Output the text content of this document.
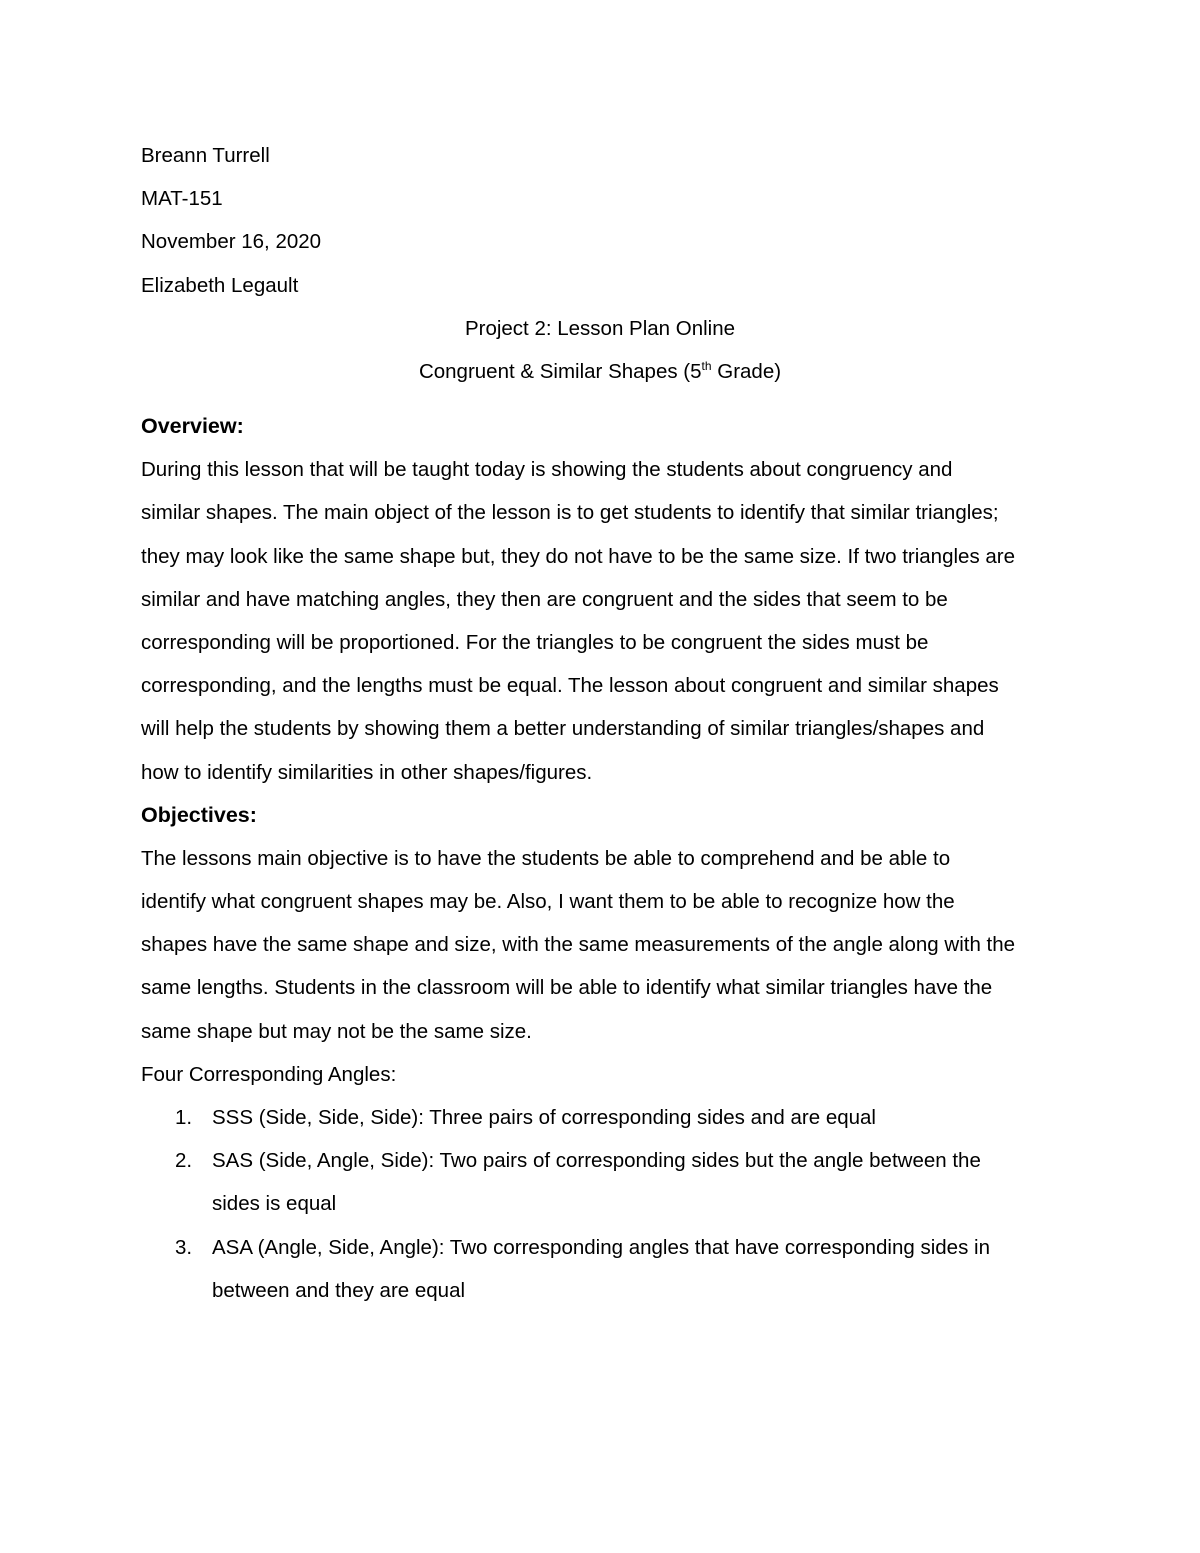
Breann Turrell

MAT-151

November 16, 2020

Elizabeth Legault

Project 2: Lesson Plan Online

Congruent & Similar Shapes (5th Grade)

Overview:

During this lesson that will be taught today is showing the students about congruency and
similar shapes. The main object of the lesson is to get students to identify that similar triangles;
they may look like the same shape but, they do not have to be the same size. If two triangles are
similar and have matching angles, they then are congruent and the sides that seem to be
corresponding will be proportioned. For the triangles to be congruent the sides must be
corresponding, and the lengths must be equal. The lesson about congruent and similar shapes
will help the students by showing them a better understanding of similar triangles/shapes and
how to identify similarities in other shapes/figures.

Objectives:

The lessons main objective is to have the students be able to comprehend and be able to
identify what congruent shapes may be. Also, I want them to be able to recognize how the
shapes have the same shape and size, with the same measurements of the angle along with the
same lengths. Students in the classroom will be able to identify what similar triangles have the
same shape but may not be the same size.

Four Corresponding Angles:

1. SSS (Side, Side, Side): Three pairs of corresponding sides and are equal
2. SAS (Side, Angle, Side): Two pairs of corresponding sides but the angle between the
sides is equal
3. ASA (Angle, Side, Angle): Two corresponding angles that have corresponding sides in
between and they are equal
